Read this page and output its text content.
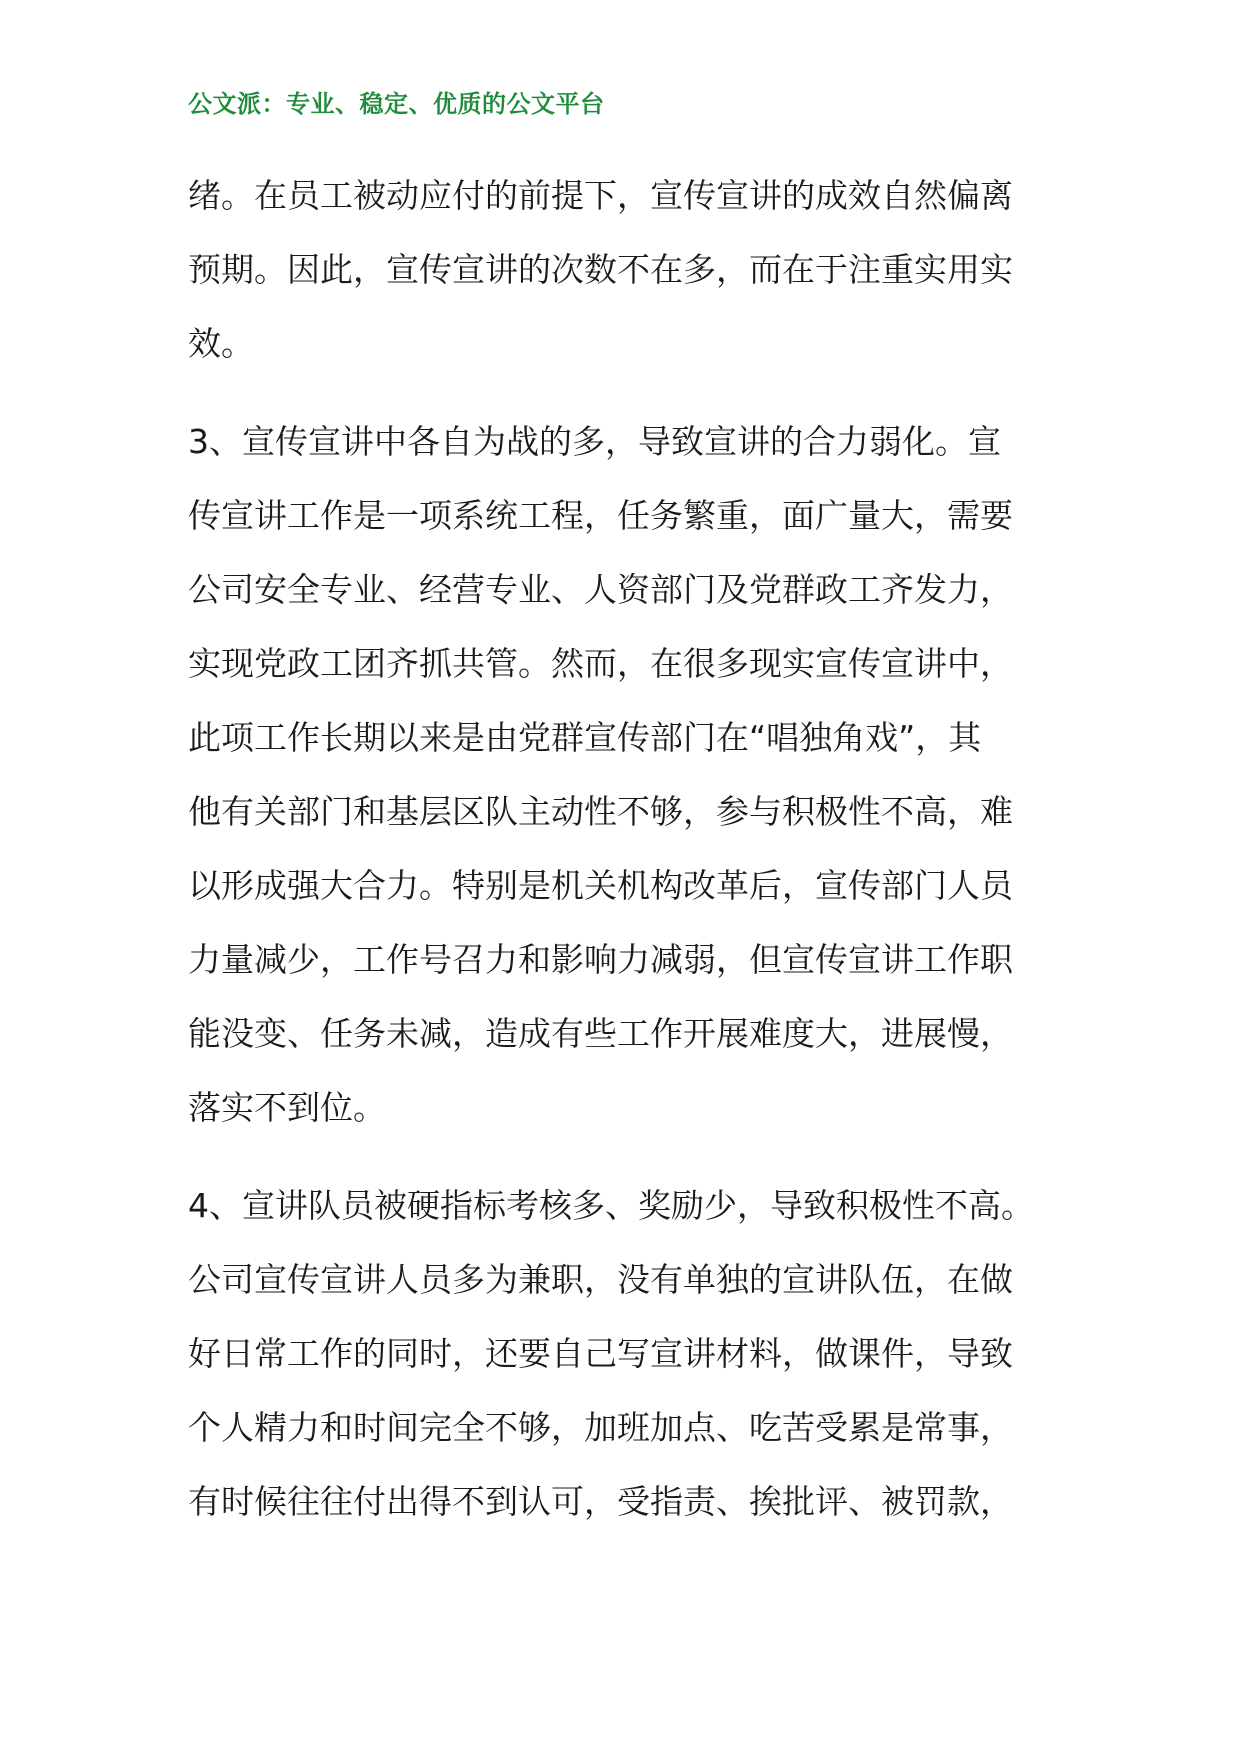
公文派：专业、稳定、优质的公文平台
绪。在员工被动应付的前提下，宣传宣讲的成效自然偏离
预期。因此，宣传宣讲的次数不在多，而在于注重实用实
效。
3、宣传宣讲中各自为战的多，导致宣讲的合力弱化。宣
传宣讲工作是一项系统工程，任务繁重，面广量大，需要
公司安全专业、经营专业、人资部门及党群政工齐发力，
实现党政工团齐抓共管。然而，在很多现实宣传宣讲中，
此项工作长期以来是由党群宣传部门在“唱独角戏”，其
他有关部门和基层区队主动性不够，参与积极性不高，难
以形成强大合力。特别是机关机构改革后，宣传部门人员
力量减少，工作号召力和影响力减弱，但宣传宣讲工作职
能没变、任务未减，造成有些工作开展难度大，进展慢，
落实不到位。
4、宣讲队员被硬指标考核多、奖励少，导致积极性不高。
公司宣传宣讲人员多为兼职，没有单独的宣讲队伍，在做
好日常工作的同时，还要自己写宣讲材料，做课件，导致
个人精力和时间完全不够，加班加点、吃苦受累是常事，
有时候往往付出得不到认可，受指责、挨批评、被罚款，
